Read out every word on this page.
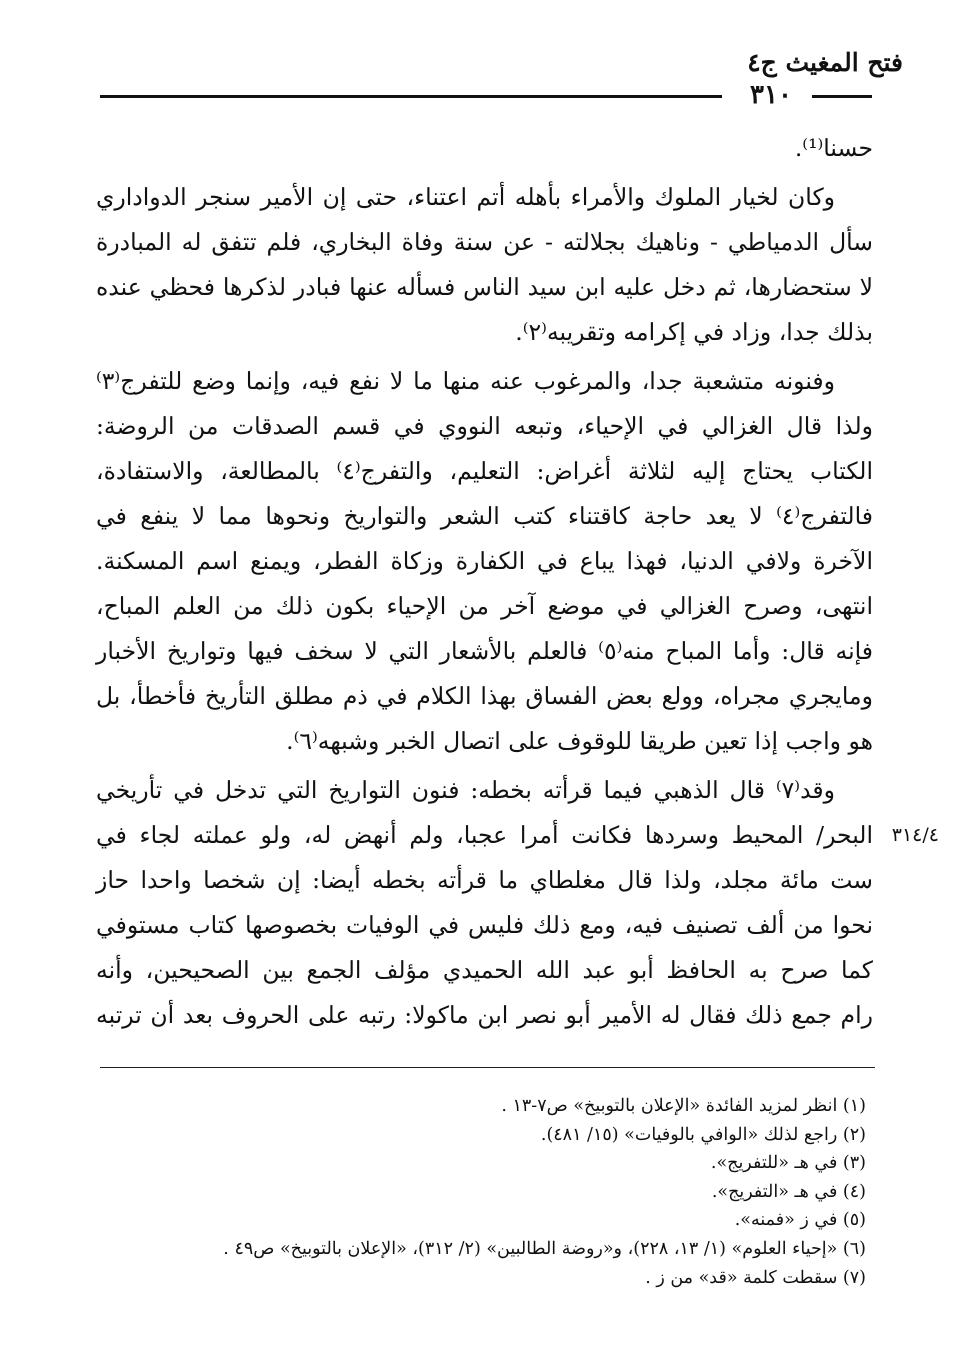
فتح المغيث ج٤
٣١٠
حسنا⁽¹⁾.
وكان لخيار الملوك والأمراء بأهله أتم اعتناء، حتى إن الأمير سنجر الدواداري
سأل الدمياطي - وناهيك بجلالته - عن سنة وفاة البخاري، فلم تتفق له المبادرة
لا ستحضارها، ثم دخل عليه ابن سيد الناس فسأله عنها فبادر لذكرها فحظي عنده
بذلك جدا، وزاد في إكرامه وتقريبه⁽٢⁾.
وفنونه متشعبة جدا، والمرغوب عنه منها ما لا نفع فيه، وإنما وضع للتفرج⁽٣⁾
ولذا قال الغزالي في الإحياء، وتبعه النووي في قسم الصدقات من الروضة:
الكتاب يحتاج إليه لثلاثة أغراض: التعليم، والتفرج⁽٤⁾ بالمطالعة، والاستفادة،
فالتفرج⁽٤⁾ لا يعد حاجة كاقتناء كتب الشعر والتواريخ ونحوها مما لا ينفع في
الآخرة ولافي الدنيا، فهذا يباع في الكفارة وزكاة الفطر، ويمنع اسم المسكنة.
انتهى، وصرح الغزالي في موضع آخر من الإحياء بكون ذلك من العلم المباح،
فإنه قال: وأما المباح منه⁽٥⁾ فالعلم بالأشعار التي لا سخف فيها وتواريخ الأخبار
ومايجري مجراه، وولع بعض الفساق بهذا الكلام في ذم مطلق التأريخ فأخطأ، بل
هو واجب إذا تعين طريقا للوقوف على اتصال الخبر وشبهه⁽٦⁾.
وقد⁽٧⁾ قال الذهبي فيما قرأته بخطه: فنون التواريخ التي تدخل في تأريخي
البحر/ المحيط وسردها فكانت أمرا عجبا، ولم أنهض له، ولو عملته لجاء في ٣١٤/٤
ست مائة مجلد، ولذا قال مغلطاي ما قرأته بخطه أيضا: إن شخصا واحدا حاز
نحوا من ألف تصنيف فيه، ومع ذلك فليس في الوفيات بخصوصها كتاب مستوفي
كما صرح به الحافظ أبو عبد الله الحميدي مؤلف الجمع بين الصحيحين، وأنه
رام جمع ذلك فقال له الأمير أبو نصر ابن ماكولا: رتبه على الحروف بعد أن ترتبه
(١) انظر لمزيد الفائدة «الإعلان بالتوبيخ» ص٧-١٣ .
(٢) راجع لذلك «الوافي بالوفيات» (١٥/ ٤٨١).
(٣) في هـ «للتفريج».
(٤) في هـ «التفريج».
(٥) في ز «فمنه».
(٦) «إحياء العلوم» (١/ ١٣، ٢٢٨)، و«روضة الطالبين» (٢/ ٣١٢)، «الإعلان بالتوبيخ» ص٤٩ .
(٧) سقطت كلمة «قد» من ز .
